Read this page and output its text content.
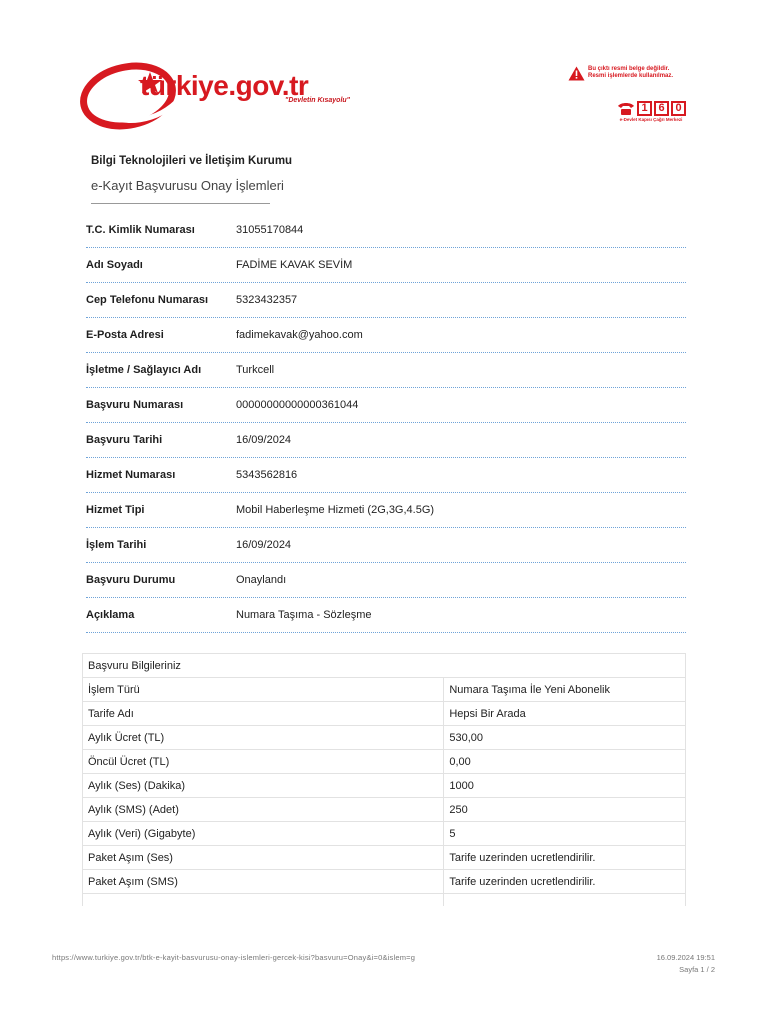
türkiye.gov.tr
"Devletin Kısayolu"
Bu çıktı resmi belge değildir.
Resmi işlemlerde kullanılmaz.
1 6 0
e-Devlet Kapısı Çağrı Merkezi
Bilgi Teknolojileri ve İletişim Kurumu
e-Kayıt Başvurusu Onay İşlemleri
T.C. Kimlik Numarası	31055170844
Adı Soyadı	FADİME KAVAK SEVİM
Cep Telefonu Numarası	5323432357
E-Posta Adresi	fadimekavak@yahoo.com
İşletme / Sağlayıcı Adı	Turkcell
Başvuru Numarası	00000000000000361044
Başvuru Tarihi	16/09/2024
Hizmet Numarası	5343562816
Hizmet Tipi	Mobil Haberleşme Hizmeti (2G,3G,4.5G)
İşlem Tarihi	16/09/2024
Başvuru Durumu	Onaylandı
Açıklama	Numara Taşıma - Sözleşme
Başvuru Bilgileriniz	
İşlem Türü	Numara Taşıma İle Yeni Abonelik
Tarife Adı	Hepsi Bir Arada
Aylık Ücret (TL)	530,00
Öncül Ücret (TL)	0,00
Aylık (Ses) (Dakika)	1000
Aylık (SMS) (Adet)	250
Aylık (Veri) (Gigabyte)	5
Paket Aşım (Ses)	Tarife uzerinden ucretlendirilir.
Paket Aşım (SMS)	Tarife uzerinden ucretlendirilir.

https://www.turkiye.gov.tr/btk-e-kayit-basvurusu-onay-islemleri-gercek-kisi?basvuru=Onay&i=0&islem=g	16.09.2024 19:51
Sayfa 1 / 2
